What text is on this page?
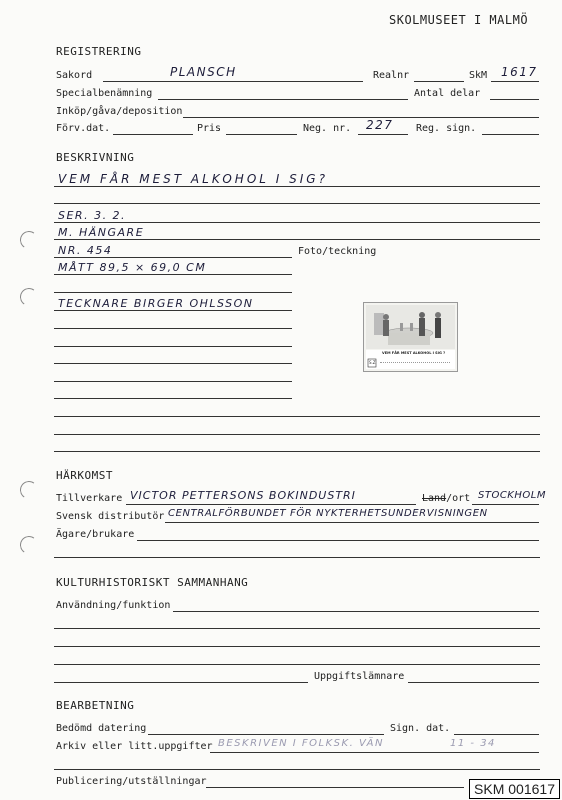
SKOLMUSEET I MALMÖ
REGISTRERING
Sakord	PLANSCH	Realnr	SkM 1617
Specialbenämning	Antal delar
Inköp/gåva/deposition
Förv.dat.	Pris	Neg. nr. 227 Reg. sign.
BESKRIVNING
VEM FÅR MEST ALKOHOL I SIG?
SER. 3. 2.
M. HÄNGARE
NR. 454	Foto/teckning
MÅTT 89,5 × 69,0 CM
TECKNARE BIRGER OHLSSON
VEM FÅR MEST ALKOHOL I SIG ?
S.Z
HÄRKOMST
Tillverkare VICTOR PETTERSONS BOKINDUSTRI	Land/ort STOCKHOLM
Svensk distributör CENTRALFÖRBUNDET FÖR NYKTERHETSUNDERVISNINGEN
Ägare/brukare
KULTURHISTORISKT SAMMANHANG
Användning/funktion
Uppgiftslämnare
BEARBETNING
Bedömd datering	Sign. dat.
Arkiv eller litt.uppgifter BESKRIVEN I FOLKSK. VÄN	11 - 34
Publicering/utställningar	SKM 001617
